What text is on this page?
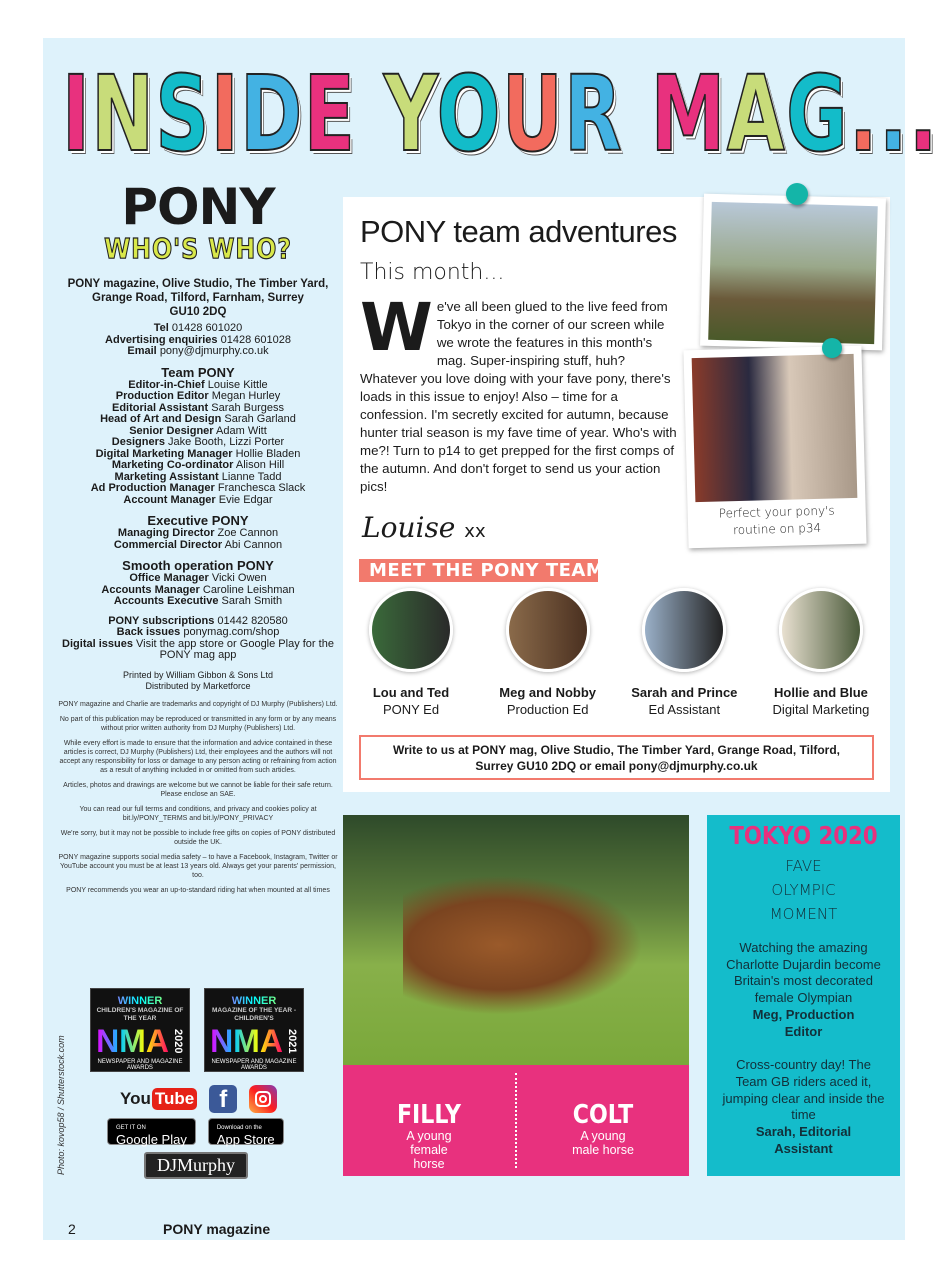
INSIDE YOUR MAG...
PONY
WHO'S WHO?
PONY magazine, Olive Studio, The Timber Yard, Grange Road, Tilford, Farnham, Surrey
GU10 2DQ
Tel 01428 601020
Advertising enquiries 01428 601028
Email pony@djmurphy.co.uk
Team PONY
Editor-in-Chief Louise Kittle
Production Editor Megan Hurley
Editorial Assistant Sarah Burgess
Head of Art and Design Sarah Garland
Senior Designer Adam Witt
Designers Jake Booth, Lizzi Porter
Digital Marketing Manager Hollie Bladen
Marketing Co-ordinator Alison Hill
Marketing Assistant Lianne Tadd
Ad Production Manager Franchesca Slack
Account Manager Evie Edgar
Executive PONY
Managing Director Zoe Cannon
Commercial Director Abi Cannon
Smooth operation PONY
Office Manager Vicki Owen
Accounts Manager Caroline Leishman
Accounts Executive Sarah Smith
PONY subscriptions 01442 820580
Back issues ponymag.com/shop
Digital issues Visit the app store or Google Play for the PONY mag app
Printed by William Gibbon & Sons Ltd
Distributed by Marketforce
PONY magazine and Charlie are trademarks and copyright of DJ Murphy (Publishers) Ltd.
No part of this publication may be reproduced or transmitted in any form or by any means without prior written authority from DJ Murphy (Publishers) Ltd.
While every effort is made to ensure that the information and advice contained in these articles is correct, DJ Murphy (Publishers) Ltd, their employees and the authors will not accept any responsibility for loss or damage to any person acting or refraining from action as a result of anything included in or omitted from such articles.
Articles, photos and drawings are welcome but we cannot be liable for their safe return. Please enclose an SAE.
You can read our full terms and conditions, and privacy and cookies policy at bit.ly/PONY_TERMS and bit.ly/PONY_PRIVACY
We're sorry, but it may not be possible to include free gifts on copies of PONY distributed outside the UK.
PONY magazine supports social media safety – to have a Facebook, Instagram, Twitter or YouTube account you must be at least 13 years old. Always get your parents' permission, too.
PONY recommends you wear an up-to-standard riding hat when mounted at all times
WINNER
CHILDREN'S MAGAZINE OF THE YEAR
NMA 2020
NEWSPAPER AND MAGAZINE AWARDS
WINNER
MAGAZINE OF THE YEAR - CHILDREN'S
NMA 2021
NEWSPAPER AND MAGAZINE AWARDS
You Tube	f
GET IT ON
Google Play
Download on the
App Store
DJMurphy
Photo: kovop58 / Shutterstock.com
PONY team adventures
This month...
We've all been glued to the live feed from Tokyo in the corner of our screen while we wrote the features in this month's mag. Super-inspiring stuff, huh? Whatever you love doing with your fave pony, there's loads in this issue to enjoy! Also – time for a confession. I'm secretly excited for autumn, because hunter trial season is my fave time of year. Who's with me?! Turn to p14 to get prepped for the first comps of the autumn. And don't forget to send us your action pics!
Louise xx
Perfect your pony's routine on p34
MEET THE PONY TEAM
Lou and Ted
PONY Ed
Meg and Nobby
Production Ed
Sarah and Prince
Ed Assistant
Hollie and Blue
Digital Marketing
Write to us at PONY mag, Olive Studio, The Timber Yard, Grange Road, Tilford, Surrey GU10 2DQ or email pony@djmurphy.co.uk
FILLY
A young female horse
COLT
A young male horse
TOKYO 2020
FAVE OLYMPIC MOMENT
Watching the amazing Charlotte Dujardin become Britain's most decorated female Olympian
Meg, Production Editor
Cross-country day! The Team GB riders aced it, jumping clear and inside the time
Sarah, Editorial Assistant
2	PONY magazine
